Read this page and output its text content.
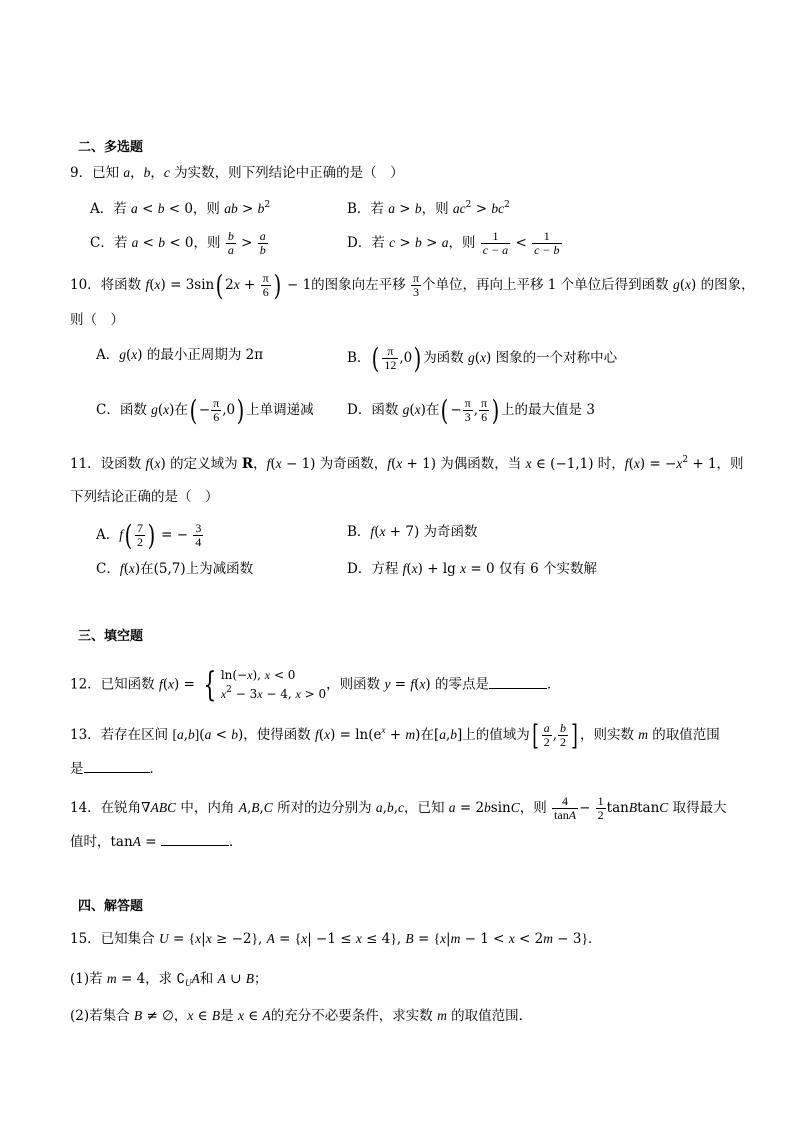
二、多选题
9．已知 a，b，c 为实数，则下列结论中正确的是（　）
A．若 a < b < 0，则 ab > $b^2$	B．若 a > b，则 $ac^2 > bc^2$
C．若 a < b < 0，则 $\frac{b}{a} > \frac{a}{b}$	D．若 c > b > a，则 $\frac{1}{c - a} < \frac{1}{c - b}$
10．将函数 f(x) = 3sin( $2x + \frac{\pi}{6}$ ) − 1的图象向左平移 $\frac{\pi}{3}$ 个单位，再向上平移 1 个单位后得到函数 g(x) 的图象，
则（　）
A．g(x) 的最小正周期为 2π	B．( $\frac{\pi}{12} ,0$) 为函数 g(x) 图象的一个对称中心
C．函数 g(x)在( − $\frac{\pi}{6} ,0$) 上单调递减 D．函数 g(x)在( − $\frac{\pi}{3}$ , $\frac{\pi}{6}$ ) 上的最大值是 3
11．设函数 f(x) 的定义域为 R，f(x − 1) 为奇函数，f(x + 1) 为偶函数，当 x ∈ (−1,1) 时，$f(x) = -x^2 + 1$，则
下列结论正确的是（　）
A．$f( \frac{7}{2}$ ) = − $\frac{3}{4}$	B．f(x + 7) 为奇函数
C．f(x)在(5,7)上为减函数	D．方程 f(x) + lg x = 0 仅有 6 个实数解
三、填空题
12．已知函数 f(x) = { ln(−x), x < 0
$x^2 - 3x - 4$, x > 0
，则函数 y = f(x) 的零点是	．
13．若存在区间 [a,b](a < b)，使得函数 $f(x) = \ln(e^x + m)$在[a,b]上的值域为[ $\frac{a}{2}$ , $\frac{b}{2}$ ] ，则实数 m 的取值范围
是	．
14．在锐角∇ABC 中，内角 A,B,C 所对的边分别为 a,b,c，已知 a = 2bsinC，则 $\frac{4}{\tan A} - \frac{1}{2}$ tanBtanC 取得最大
值时，tanA =	.
四、解答题
15．已知集合 U = {x|x ≥ −2}, A = {x| −1 ≤ x ≤ 4}, B = {x|m − 1 < x < 2m − 3}．
(1)若 m = 4，求 $∁_UA$和 A ∪ B；
(2)若集合 B ≠ ∅，x ∈ B是 x ∈ A的充分不必要条件，求实数 m 的取值范围．
